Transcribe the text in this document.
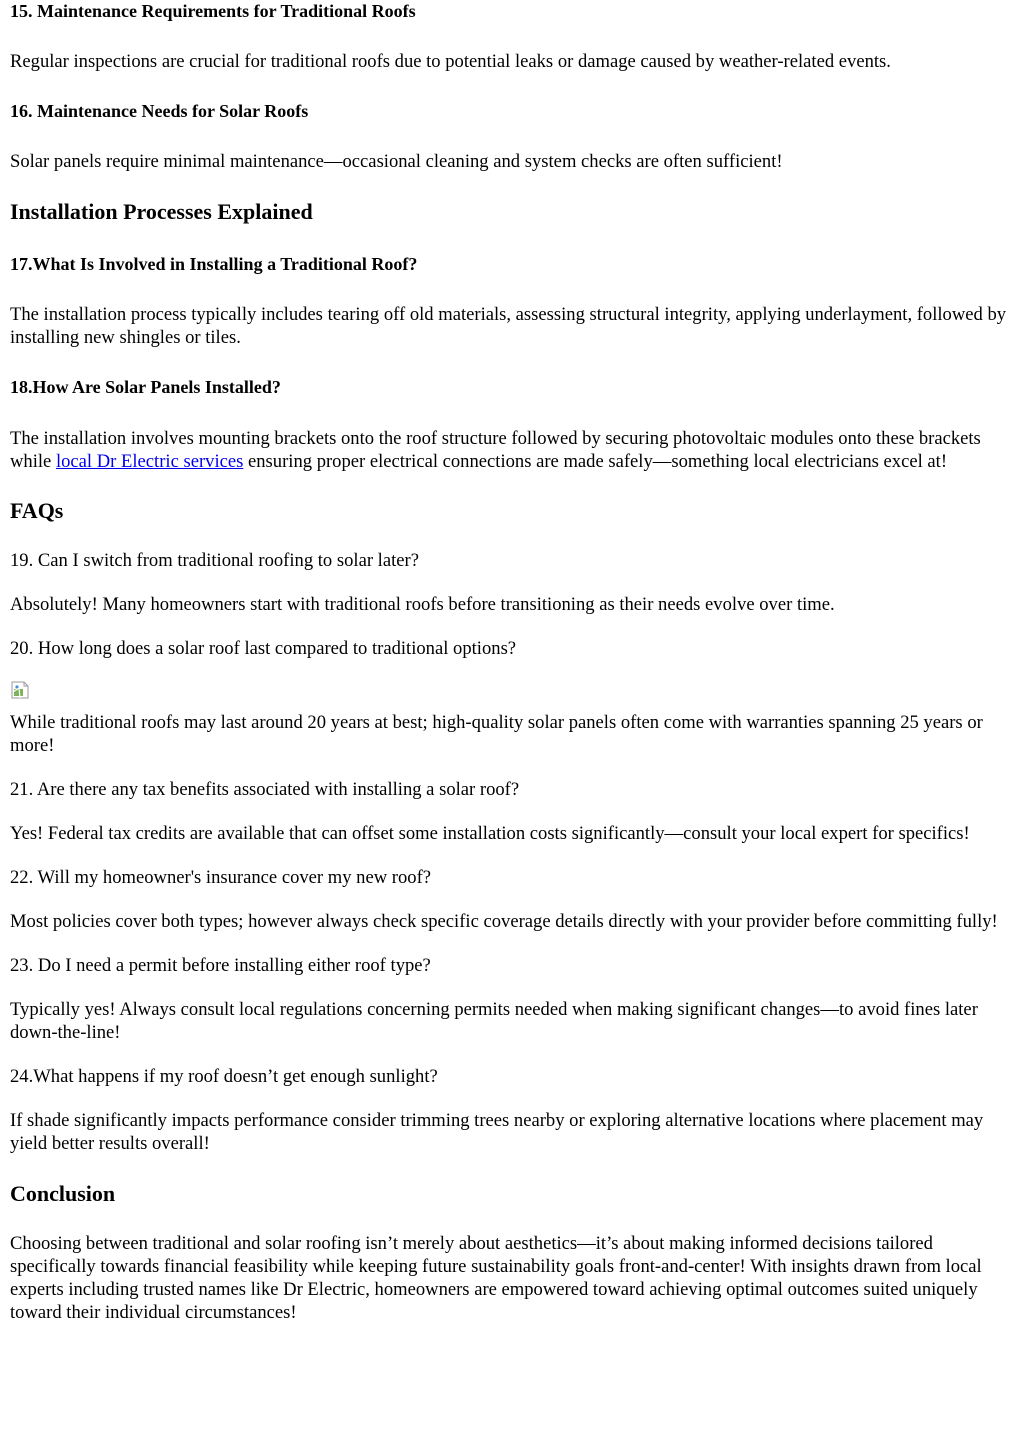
15. Maintenance Requirements for Traditional Roofs

Regular inspections are crucial for traditional roofs due to potential leaks or damage caused by weather-related events.

16. Maintenance Needs for Solar Roofs

Solar panels require minimal maintenance—occasional cleaning and system checks are often sufficient!

Installation Processes Explained
17.What Is Involved in Installing a Traditional Roof?

The installation process typically includes tearing off old materials, assessing structural integrity, applying underlayment, followed by installing new shingles or tiles.

18.How Are Solar Panels Installed?

The installation involves mounting brackets onto the roof structure followed by securing photovoltaic modules onto these brackets while local Dr Electric services ensuring proper electrical connections are made safely—something local electricians excel at!

FAQs

19. Can I switch from traditional roofing to solar later?

Absolutely! Many homeowners start with traditional roofs before transitioning as their needs evolve over time.

20. How long does a solar roof last compared to traditional options?

While traditional roofs may last around 20 years at best; high-quality solar panels often come with warranties spanning 25 years or more!

21. Are there any tax benefits associated with installing a solar roof?

Yes! Federal tax credits are available that can offset some installation costs significantly—consult your local expert for specifics!

22. Will my homeowner's insurance cover my new roof?

Most policies cover both types; however always check specific coverage details directly with your provider before committing fully!

23. Do I need a permit before installing either roof type?

Typically yes! Always consult local regulations concerning permits needed when making significant changes—to avoid fines later down-the-line!

24.What happens if my roof doesn’t get enough sunlight?

If shade significantly impacts performance consider trimming trees nearby or exploring alternative locations where placement may yield better results overall!

Conclusion

Choosing between traditional and solar roofing isn’t merely about aesthetics—it’s about making informed decisions tailored specifically towards financial feasibility while keeping future sustainability goals front-and-center! With insights drawn from local experts including trusted names like Dr Electric, homeowners are empowered toward achieving optimal outcomes suited uniquely toward their individual circumstances!
